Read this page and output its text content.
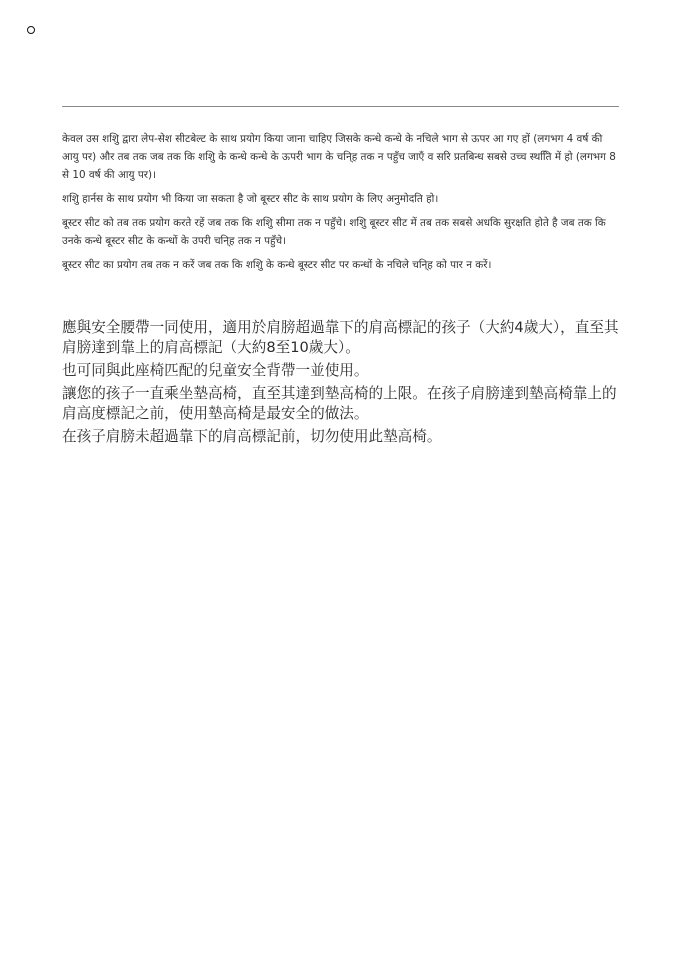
केवल उस शशिु द्वारा लेप-सेश सीटबेल्ट के साथ प्रयोग किया जाना चाहिए जिसके कन्धे कन्धे के नचिले भाग से ऊपर आ गए हों (लगभग 4 वर्ष की आयु पर) और तब तक जब तक कि शशिु के कन्धे कन्धे के ऊपरी भाग के चनि्ह तक न पहुँच जाएँ व सरि प्रतबिन्ध सबसे उच्च स्थतिि में हो (लगभग 8 से 10 वर्ष की आयु पर)।

शशिु हार्नस के साथ प्रयोग भी किया जा सकता है जो बूस्टर सीट के साथ प्रयोग के लिए अनुमोदति हो।

बूस्टर सीट को तब तक प्रयोग करते रहें जब तक कि शशिु सीमा तक न पहुँचे। शशिु बूस्टर सीट में तब तक सबसे अधकि सुरक्षति होते है जब तक कि उनके कन्धे बूस्टर सीट के कन्धों के उपरी चनि्ह तक न पहुँचे।

बूस्टर सीट का प्रयोग तब तक न करें जब तक कि शशिु के कन्धे बूस्टर सीट पर कन्धों के नचिले चनि्ह को पार न करें।

應與安全腰帶一同使用，適用於肩膀超過靠下的肩高標記的孩子（大約4歲大），直至其肩膀達到靠上的肩高標記（大約8至10歲大）。

也可同與此座椅匹配的兒童安全背帶一並使用。

讓您的孩子一直乘坐墊高椅，直至其達到墊高椅的上限。在孩子肩膀達到墊高椅靠上的肩高度標記之前，使用墊高椅是最安全的做法。

在孩子肩膀未超過靠下的肩高標記前，切勿使用此墊高椅。
